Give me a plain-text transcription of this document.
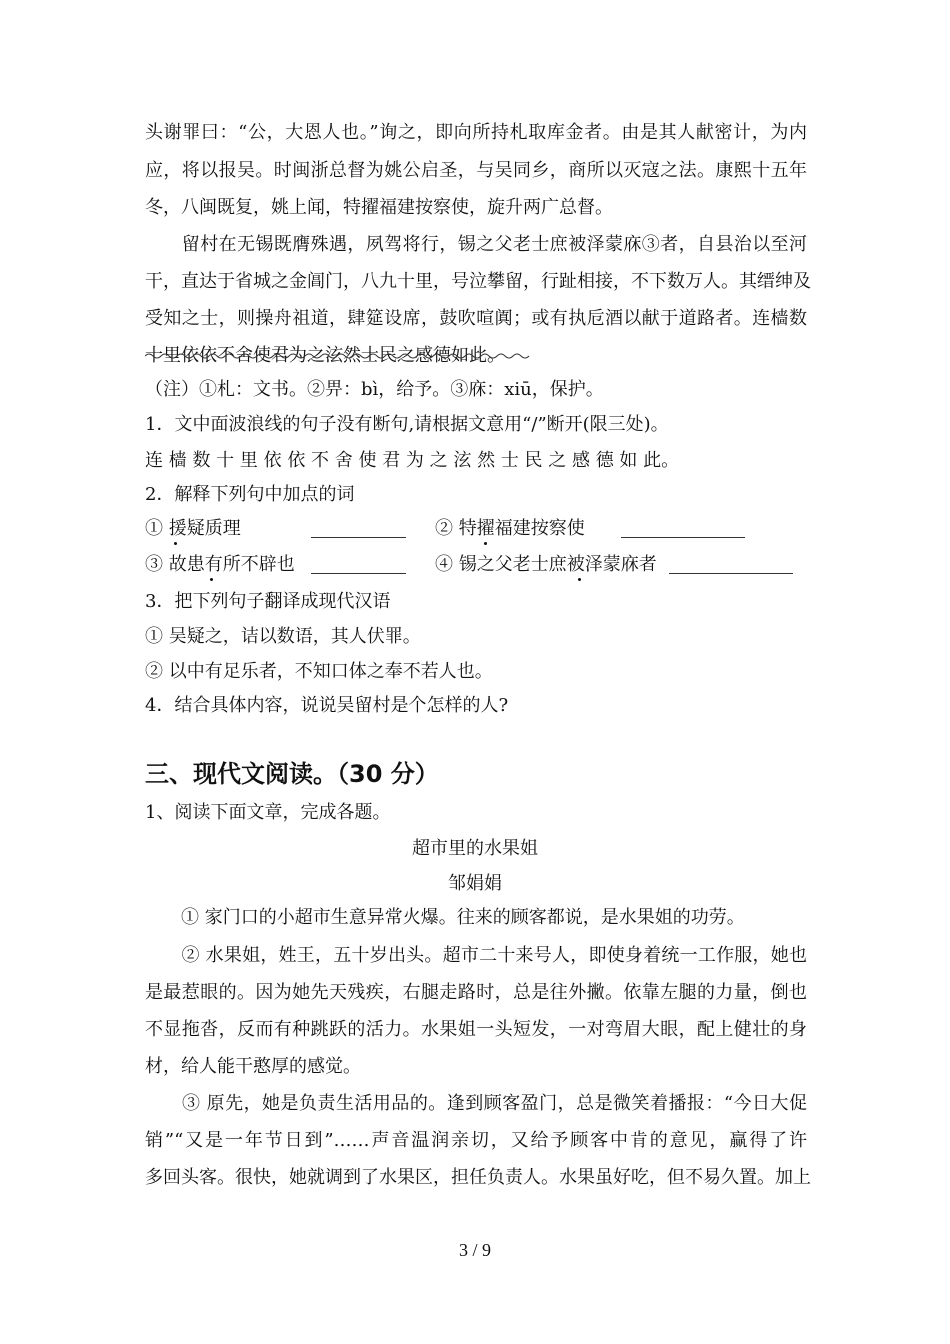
头谢罪曰：“公，大恩人也。”询之，即向所持札取库金者。由是其人献密计，为内
应，将以报吴。时闽浙总督为姚公启圣，与吴同乡，商所以灭寇之法。康熙十五年
冬，八闽既复，姚上闻，特擢福建按察使，旋升两广总督。
　　留村在无锡既膺殊遇，夙驾将行，锡之父老士庶被泽蒙庥③者，自县治以至河
干，直达于省城之金阊门，八九十里，号泣攀留，行趾相接，不下数万人。其缙绅及
受知之士，则操舟祖道，肆筵设席，鼓吹喧阗；或有执卮酒以献于道路者。连樯数
十里依依不舍使君为之泫然士民之感德如此。
（注）①札：文书。②畀：bì，给予。③庥：xiū，保护。
1．文中面波浪线的句子没有断句,请根据文意用“/”断开(限三处)。
连 樯 数 十 里 依 依 不 舍 使 君 为 之 泫 然 士 民 之 感 德 如 此。
2．解释下列句中加点的词
① 援疑质理	② 特擢福建按察使
③ 故患有所不辟也	④ 锡之父老士庶被泽蒙庥者
3．把下列句子翻译成现代汉语
① 吴疑之，诘以数语，其人伏罪。
② 以中有足乐者，不知口体之奉不若人也。
4．结合具体内容，说说吴留村是个怎样的人?
三、现代文阅读。（30 分）
1、阅读下面文章，完成各题。
超市里的水果姐
邹娟娟
　　① 家门口的小超市生意异常火爆。往来的顾客都说，是水果姐的功劳。
　　② 水果姐，姓王，五十岁出头。超市二十来号人，即使身着统一工作服，她也
是最惹眼的。因为她先天残疾，右腿走路时，总是往外撇。依靠左腿的力量，倒也
不显拖沓，反而有种跳跃的活力。水果姐一头短发，一对弯眉大眼，配上健壮的身
材，给人能干憨厚的感觉。
　　③ 原先，她是负责生活用品的。逢到顾客盈门，总是微笑着播报：“今日大促
销”“又是一年节日到”……声音温润亲切，又给予顾客中肯的意见，赢得了许
多回头客。很快，她就调到了水果区，担任负责人。水果虽好吃，但不易久置。加上
3 / 9
